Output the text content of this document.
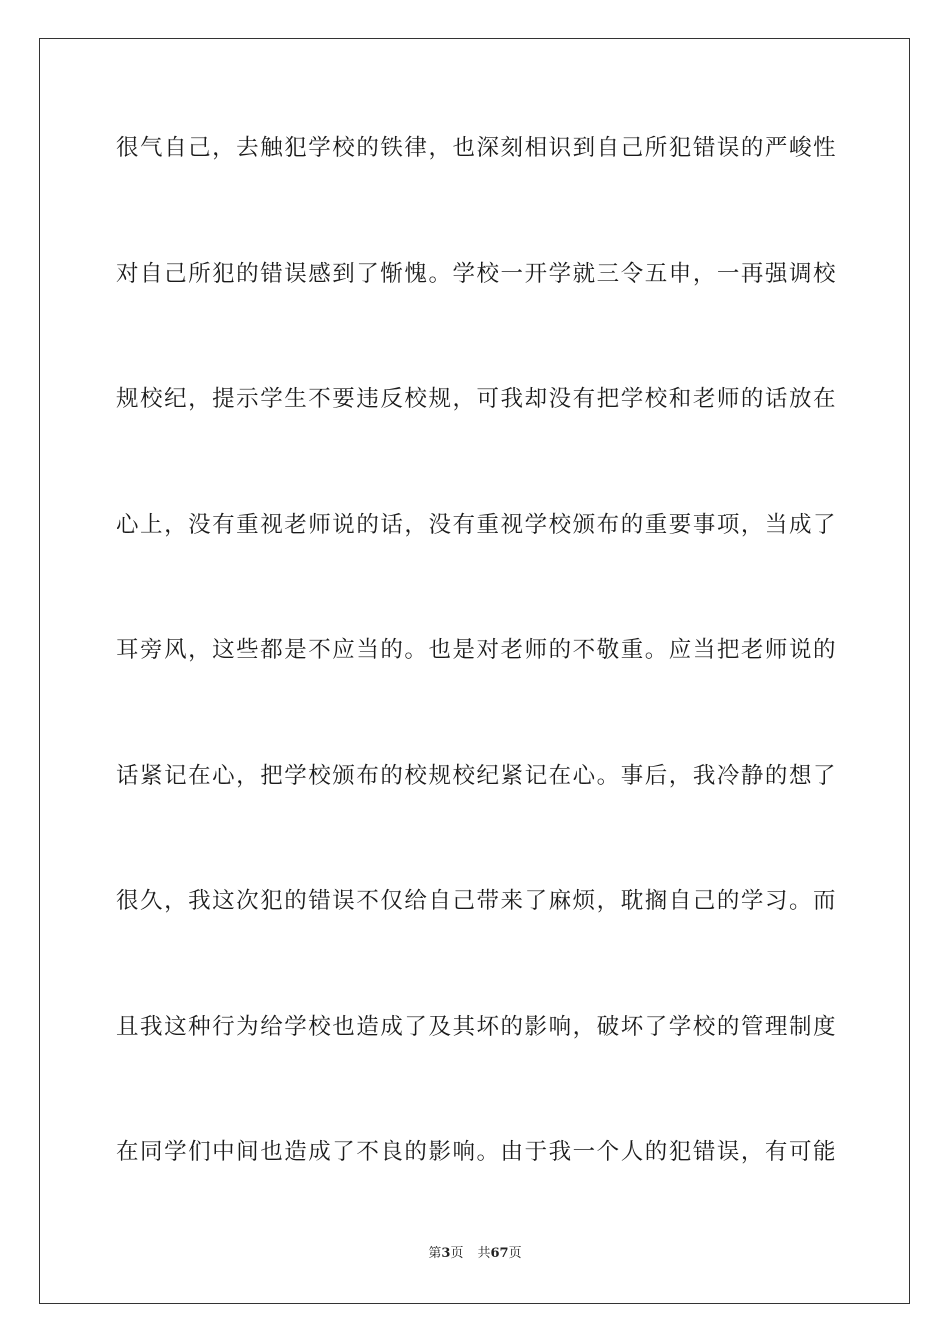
很气自己，去触犯学校的铁律，也深刻相识到自己所犯错误的严峻性
对自己所犯的错误感到了惭愧。学校一开学就三令五申，一再强调校
规校纪，提示学生不要违反校规，可我却没有把学校和老师的话放在
心上，没有重视老师说的话，没有重视学校颁布的重要事项，当成了
耳旁风，这些都是不应当的。也是对老师的不敬重。应当把老师说的
话紧记在心，把学校颁布的校规校纪紧记在心。事后，我冷静的想了
很久，我这次犯的错误不仅给自己带来了麻烦，耽搁自己的学习。而
且我这种行为给学校也造成了及其坏的影响，破坏了学校的管理制度
在同学们中间也造成了不良的影响。由于我一个人的犯错误，有可能
第3页 共67页
